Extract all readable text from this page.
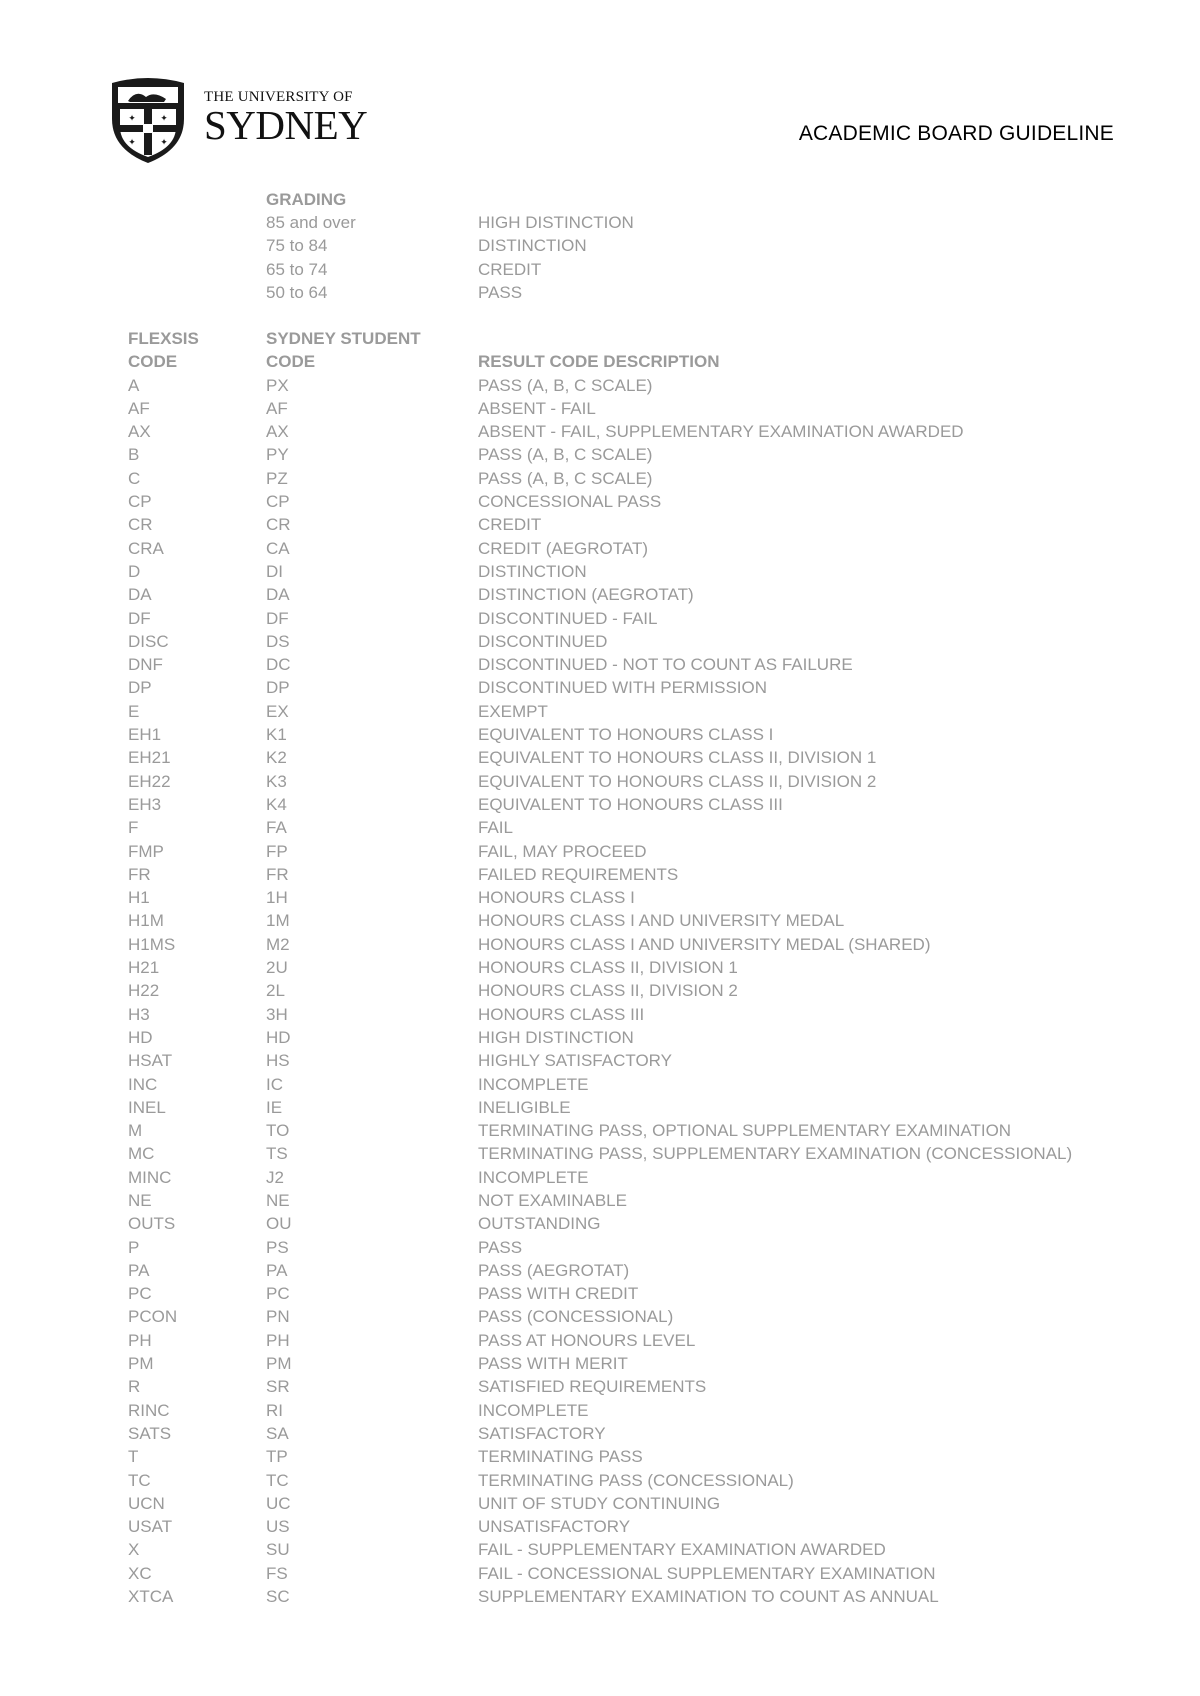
✦	✦
✦	✦
THE UNIVERSITY OF
SYDNEY	ACADEMIC BOARD GUIDELINE
GRADING
85 and over	HIGH DISTINCTION
75 to 84	DISTINCTION
65 to 74	CREDIT
50 to 64	PASS
FLEXSIS	SYDNEY STUDENT
CODE	CODE	RESULT CODE DESCRIPTION
A	PX	PASS (A, B, C SCALE)
AF	AF	ABSENT - FAIL
AX	AX	ABSENT - FAIL, SUPPLEMENTARY EXAMINATION AWARDED
B	PY	PASS (A, B, C SCALE)
C	PZ	PASS (A, B, C SCALE)
CP	CP	CONCESSIONAL PASS
CR	CR	CREDIT
CRA	CA	CREDIT (AEGROTAT)
D	DI	DISTINCTION
DA	DA	DISTINCTION (AEGROTAT)
DF	DF	DISCONTINUED - FAIL
DISC	DS	DISCONTINUED
DNF	DC	DISCONTINUED - NOT TO COUNT AS FAILURE
DP	DP	DISCONTINUED WITH PERMISSION
E	EX	EXEMPT
EH1	K1	EQUIVALENT TO HONOURS CLASS I
EH21	K2	EQUIVALENT TO HONOURS CLASS II, DIVISION 1
EH22	K3	EQUIVALENT TO HONOURS CLASS II, DIVISION 2
EH3	K4	EQUIVALENT TO HONOURS CLASS III
F	FA	FAIL
FMP	FP	FAIL, MAY PROCEED
FR	FR	FAILED REQUIREMENTS
H1	1H	HONOURS CLASS I
H1M	1M	HONOURS CLASS I AND UNIVERSITY MEDAL
H1MS	M2	HONOURS CLASS I AND UNIVERSITY MEDAL (SHARED)
H21	2U	HONOURS CLASS II, DIVISION 1
H22	2L	HONOURS CLASS II, DIVISION 2
H3	3H	HONOURS CLASS III
HD	HD	HIGH DISTINCTION
HSAT	HS	HIGHLY SATISFACTORY
INC	IC	INCOMPLETE
INEL	IE	INELIGIBLE
M	TO	TERMINATING PASS, OPTIONAL SUPPLEMENTARY EXAMINATION
MC	TS	TERMINATING PASS, SUPPLEMENTARY EXAMINATION (CONCESSIONAL)
MINC	J2	INCOMPLETE
NE	NE	NOT EXAMINABLE
OUTS	OU	OUTSTANDING
P	PS	PASS
PA	PA	PASS (AEGROTAT)
PC	PC	PASS WITH CREDIT
PCON	PN	PASS (CONCESSIONAL)
PH	PH	PASS AT HONOURS LEVEL
PM	PM	PASS WITH MERIT
R	SR	SATISFIED REQUIREMENTS
RINC	RI	INCOMPLETE
SATS	SA	SATISFACTORY
T	TP	TERMINATING PASS
TC	TC	TERMINATING PASS (CONCESSIONAL)
UCN	UC	UNIT OF STUDY CONTINUING
USAT	US	UNSATISFACTORY
X	SU	FAIL - SUPPLEMENTARY EXAMINATION AWARDED
XC	FS	FAIL - CONCESSIONAL SUPPLEMENTARY EXAMINATION
XTCA	SC	SUPPLEMENTARY EXAMINATION TO COUNT AS ANNUAL
